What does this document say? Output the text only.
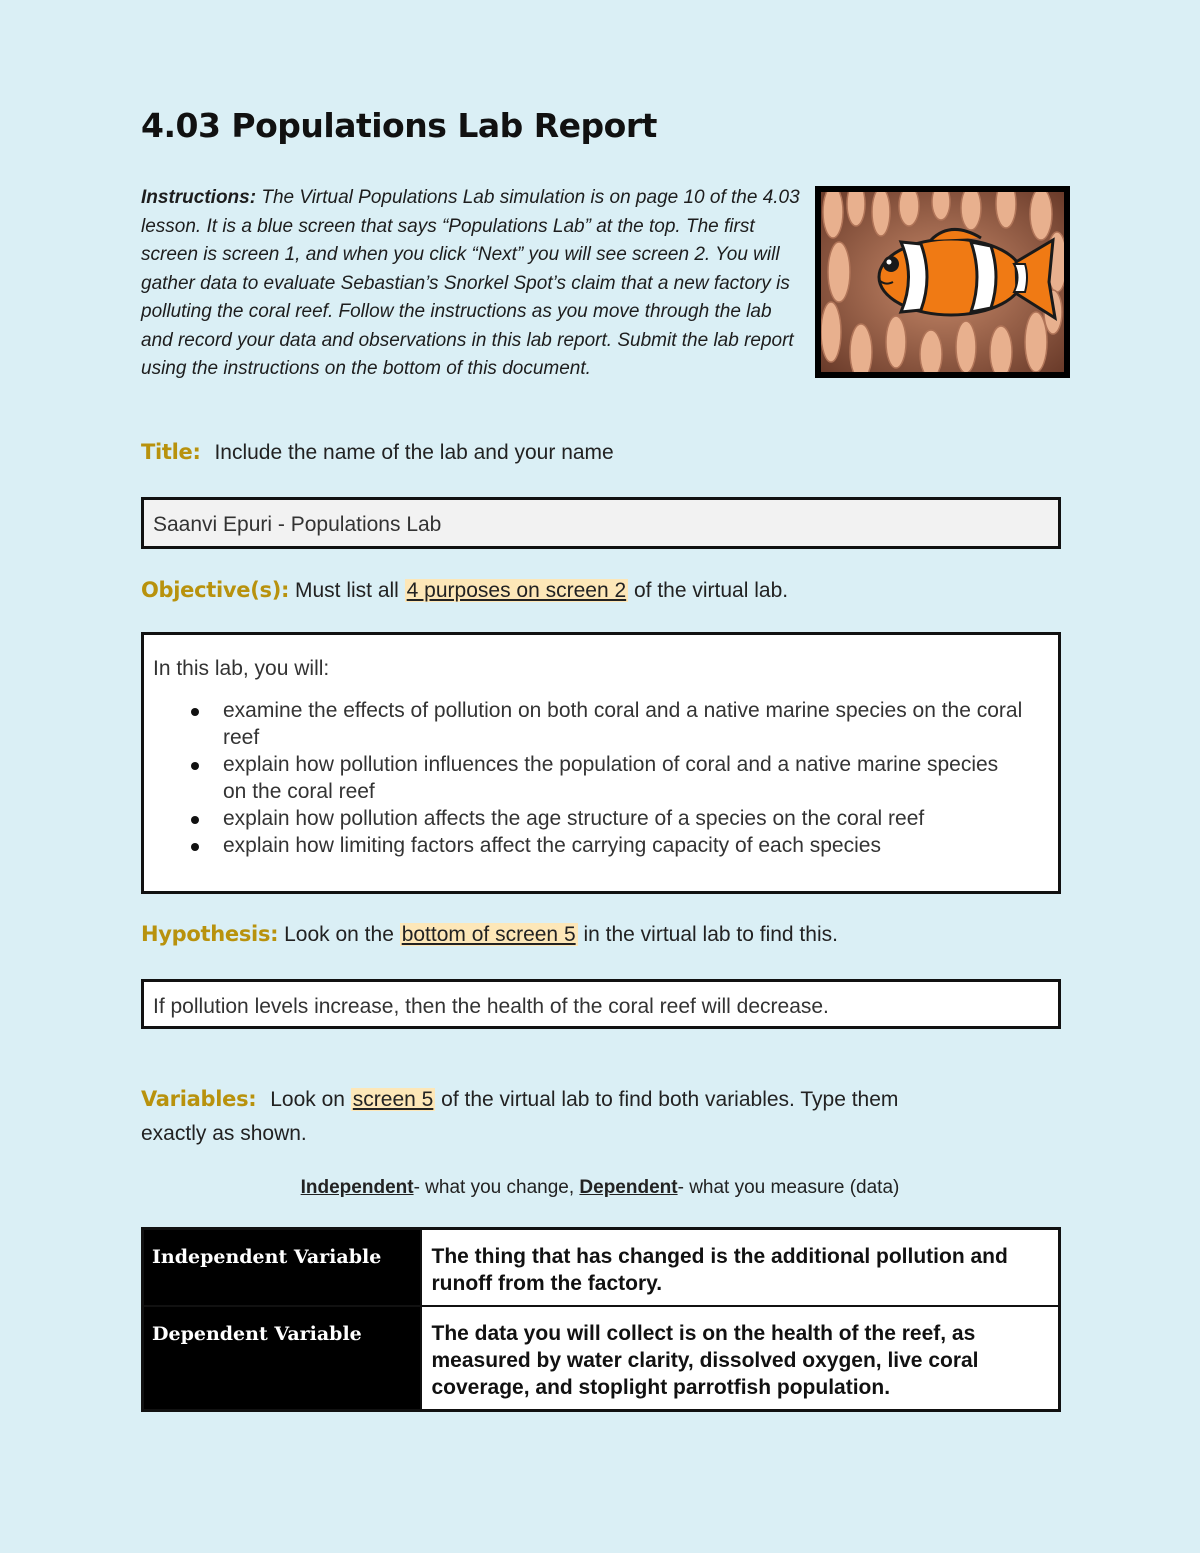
4.03 Populations Lab Report

Instructions: The Virtual Populations Lab simulation is on page 10 of the 4.03 lesson. It is a blue screen that says “Populations Lab” at the top. The first screen is screen 1, and when you click “Next” you will see screen 2. You will gather data to evaluate Sebastian’s Snorkel Spot’s claim that a new factory is polluting the coral reef. Follow the instructions as you move through the lab and record your data and observations in this lab report. Submit the lab report using the instructions on the bottom of this document.

Title: Include the name of the lab and your name
Saanvi Epuri - Populations Lab
Objective(s): Must list all 4 purposes on screen 2 of the virtual lab.
In this lab, you will:
examine the effects of pollution on both coral and a native marine species on the coral reef
explain how pollution influences the population of coral and a native marine species on the coral reef
explain how pollution affects the age structure of a species on the coral reef
explain how limiting factors affect the carrying capacity of each species
Hypothesis: Look on the bottom of screen 5 in the virtual lab to find this.
If pollution levels increase, then the health of the coral reef will decrease.
Variables: Look on screen 5 of the virtual lab to find both variables. Type them
exactly as shown.
Independent- what you change, Dependent- what you measure (data)
Independent Variable	The thing that has changed is the additional pollution and runoff from the factory.
Dependent Variable	The data you will collect is on the health of the reef, as measured by water clarity, dissolved oxygen, live coral coverage, and stoplight parrotfish population.
